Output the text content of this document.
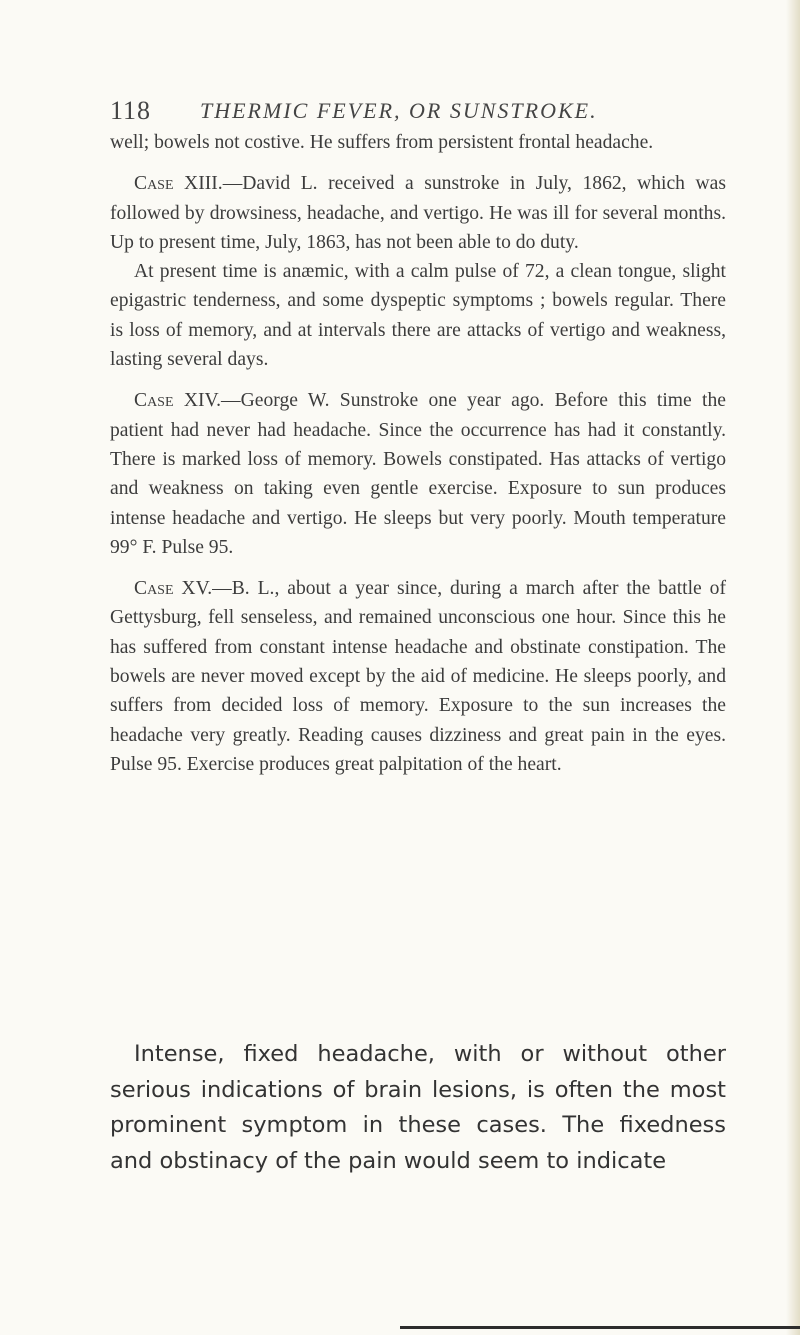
118 THERMIC FEVER, OR SUNSTROKE.

well; bowels not costive. He suffers from persistent frontal headache.

Case XIII.—David L. received a sunstroke in July, 1862, which was followed by drowsiness, headache, and vertigo. He was ill for several months. Up to present time, July, 1863, has not been able to do duty.

At present time is anæmic, with a calm pulse of 72, a clean tongue, slight epigastric tenderness, and some dyspeptic symptoms ; bowels regular. There is loss of memory, and at intervals there are attacks of vertigo and weakness, lasting several days.

Case XIV.—George W. Sunstroke one year ago. Before this time the patient had never had headache. Since the occurrence has had it constantly. There is marked loss of memory. Bowels constipated. Has attacks of vertigo and weakness on taking even gentle exercise. Exposure to sun produces intense headache and vertigo. He sleeps but very poorly. Mouth temperature 99° F. Pulse 95.

Case XV.—B. L., about a year since, during a march after the battle of Gettysburg, fell senseless, and remained unconscious one hour. Since this he has suffered from constant intense headache and obstinate constipation. The bowels are never moved except by the aid of medicine. He sleeps poorly, and suffers from decided loss of memory. Exposure to the sun increases the headache very greatly. Reading causes dizziness and great pain in the eyes. Pulse 95. Exercise produces great palpitation of the heart.

Intense, fixed headache, with or without other serious indications of brain lesions, is often the most prominent symptom in these cases. The fixedness and obstinacy of the pain would seem to indicate
